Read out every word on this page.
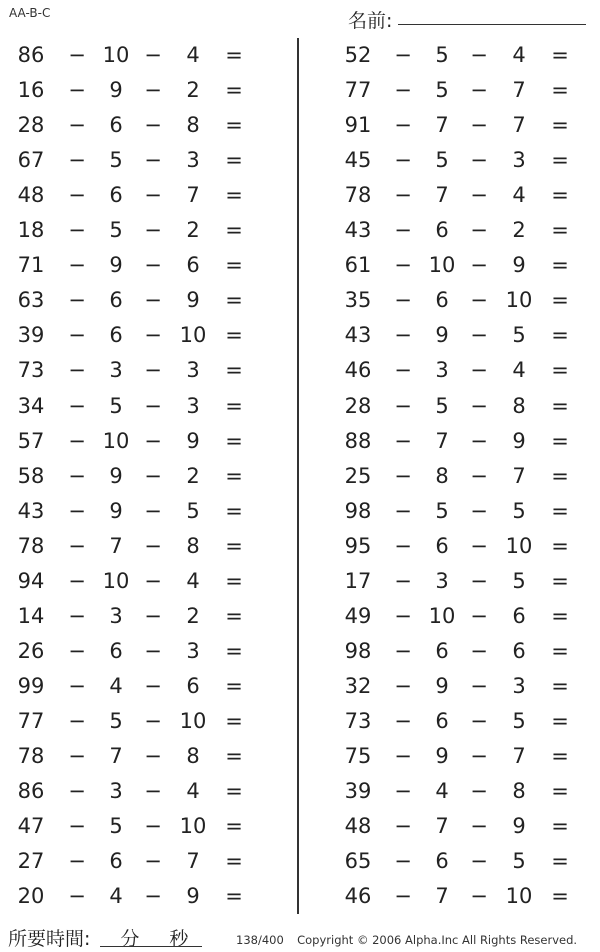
AA-B-C	名前:
86 − 10 −	4	=
16 −	9	−	2	=
28 −	6	−	8	=
67 −	5	−	3	=
48 −	6	−	7	=
18 −	5	−	2	=
71 −	9	−	6	=
63 −	6	−	9	=
39 −	6	− 10 =
73 −	3	−	3	=
34 −	5	−	3	=
57 − 10 −	9	=
58 −	9	−	2	=
43 −	9	−	5	=
78 −	7	−	8	=
94 − 10 −	4	=
14 −	3	−	2	=
26 −	6	−	3	=
99 −	4	−	6	=
77 −	5	− 10 =
78 −	7	−	8	=
86 −	3	−	4	=
47 −	5	− 10 =
27 −	6	−	7	=
20 −	4	−	9	=
52 −	5	−	4	=
77 −	5	−	7	=
91 −	7	−	7	=
45 −	5	−	3	=
78 −	7	−	4	=
43 −	6	−	2	=
61 − 10 −	9	=
35 −	6	− 10 =
43 −	9	−	5	=
46 −	3	−	4	=
28 −	5	−	8	=
88 −	7	−	9	=
25 −	8	−	7	=
98 −	5	−	5	=
95 −	6	− 10 =
17 −	3	−	5	=
49 − 10 −	6	=
98 −	6	−	6	=
32 −	9	−	3	=
73 −	6	−	5	=
75 −	9	−	7	=
39 −	4	−	8	=
48 −	7	−	9	=
65 −	6	−	5	=
46 −	7	− 10 =
所要時間: 分 秒	138/400 Copyright © 2006 Alpha.Inc All Rights Reserved.
